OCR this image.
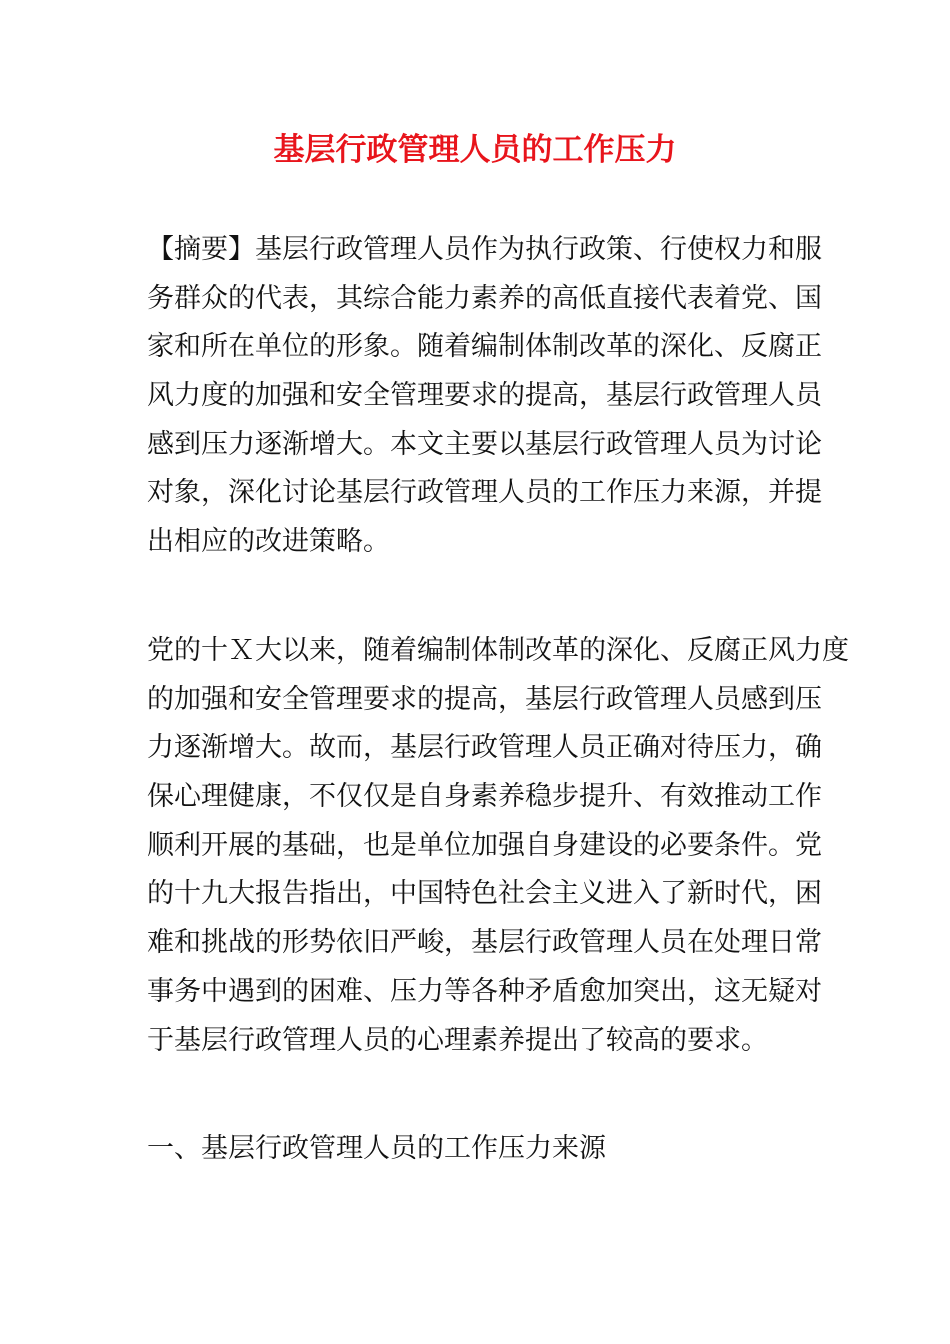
基层行政管理人员的工作压力
【摘要】基层行政管理人员作为执行政策、行使权力和服
务群众的代表，其综合能力素养的高低直接代表着党、国
家和所在单位的形象。随着编制体制改革的深化、反腐正
风力度的加强和安全管理要求的提高，基层行政管理人员
感到压力逐渐增大。本文主要以基层行政管理人员为讨论
对象，深化讨论基层行政管理人员的工作压力来源，并提
出相应的改进策略。
党的十Ｘ大以来，随着编制体制改革的深化、反腐正风力度
的加强和安全管理要求的提高，基层行政管理人员感到压
力逐渐增大。故而，基层行政管理人员正确对待压力，确
保心理健康，不仅仅是自身素养稳步提升、有效推动工作
顺利开展的基础，也是单位加强自身建设的必要条件。党
的十九大报告指出，中国特色社会主义进入了新时代，困
难和挑战的形势依旧严峻，基层行政管理人员在处理日常
事务中遇到的困难、压力等各种矛盾愈加突出，这无疑对
于基层行政管理人员的心理素养提出了较高的要求。
一、基层行政管理人员的工作压力来源
